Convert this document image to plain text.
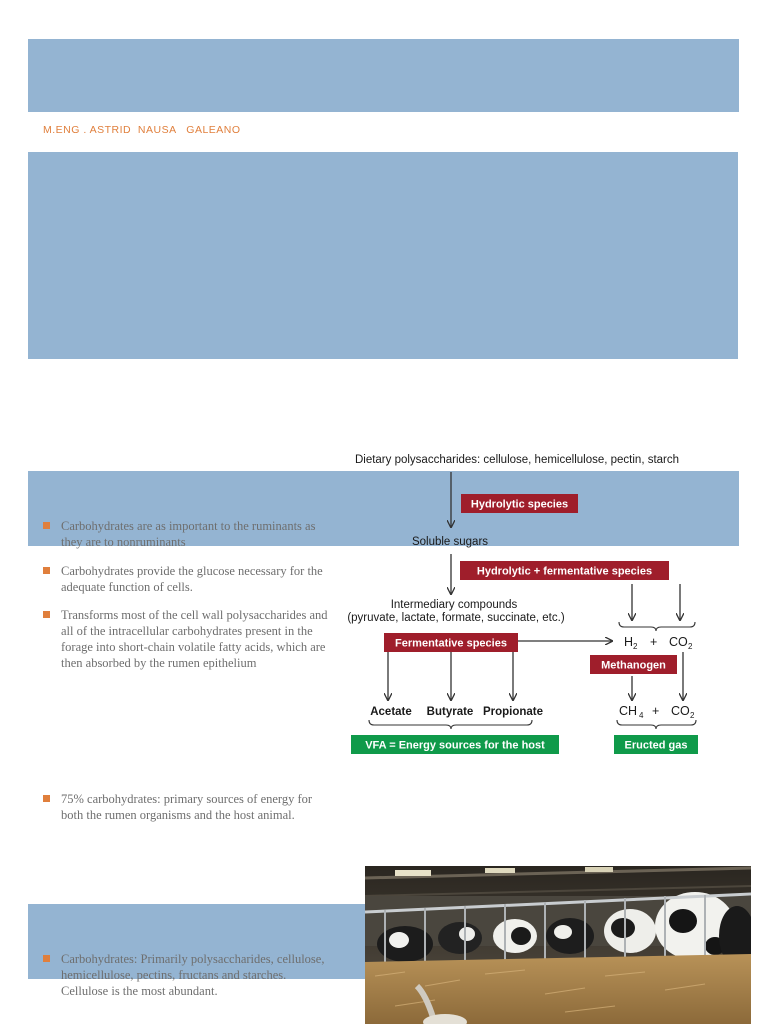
M.ENG . ASTRID  NAUSA   GALEANO
Carbohydrates are as important to the ruminants as they are to nonruminants
Carbohydrates provide the glucose necessary for the adequate function of cells.
Transforms most of the cell wall polysaccharides and all of the intracellular carbohydrates present in the forage into short-chain volatile fatty acids, which are then absorbed by the rumen epithelium
75% carbohydrates: primary sources of energy for both the rumen organisms and the host animal.
Carbohydrates: Primarily polysaccharides, cellulose, hemicellulose, pectins, fructans and starches. Cellulose is the most abundant.
Dietary polysaccharides: cellulose, hemicellulose, pectin, starch
Hydrolytic species
Soluble sugars
Hydrolytic + fermentative species
Intermediary compounds
(pyruvate, lactate, formate, succinate, etc.)
Fermentative species	H 2 + CO 2
Methanogen
Acetate Butyrate Propionate	CH 4 + CO 2
VFA = Energy sources for the host	Eructed gas
